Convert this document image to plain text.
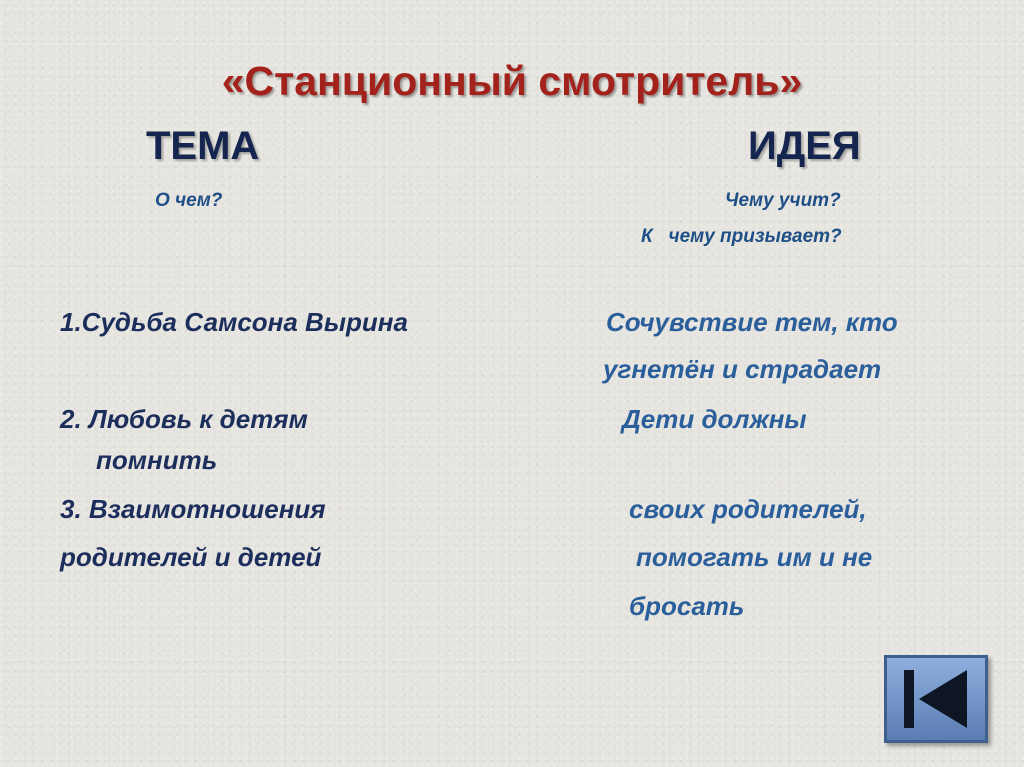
«Станционный смотритель»
ТЕМА	ИДЕЯ
О чем?	Чему учит?
К   чему призывает?
1.Судьба Самсона Вырина
2. Любовь к детям
помнить
3. Взаимотношения
родителей и детей
Сочувствие тем, кто
угнетён и страдает
Дети должны
своих родителей,
помогать им и не
бросать
